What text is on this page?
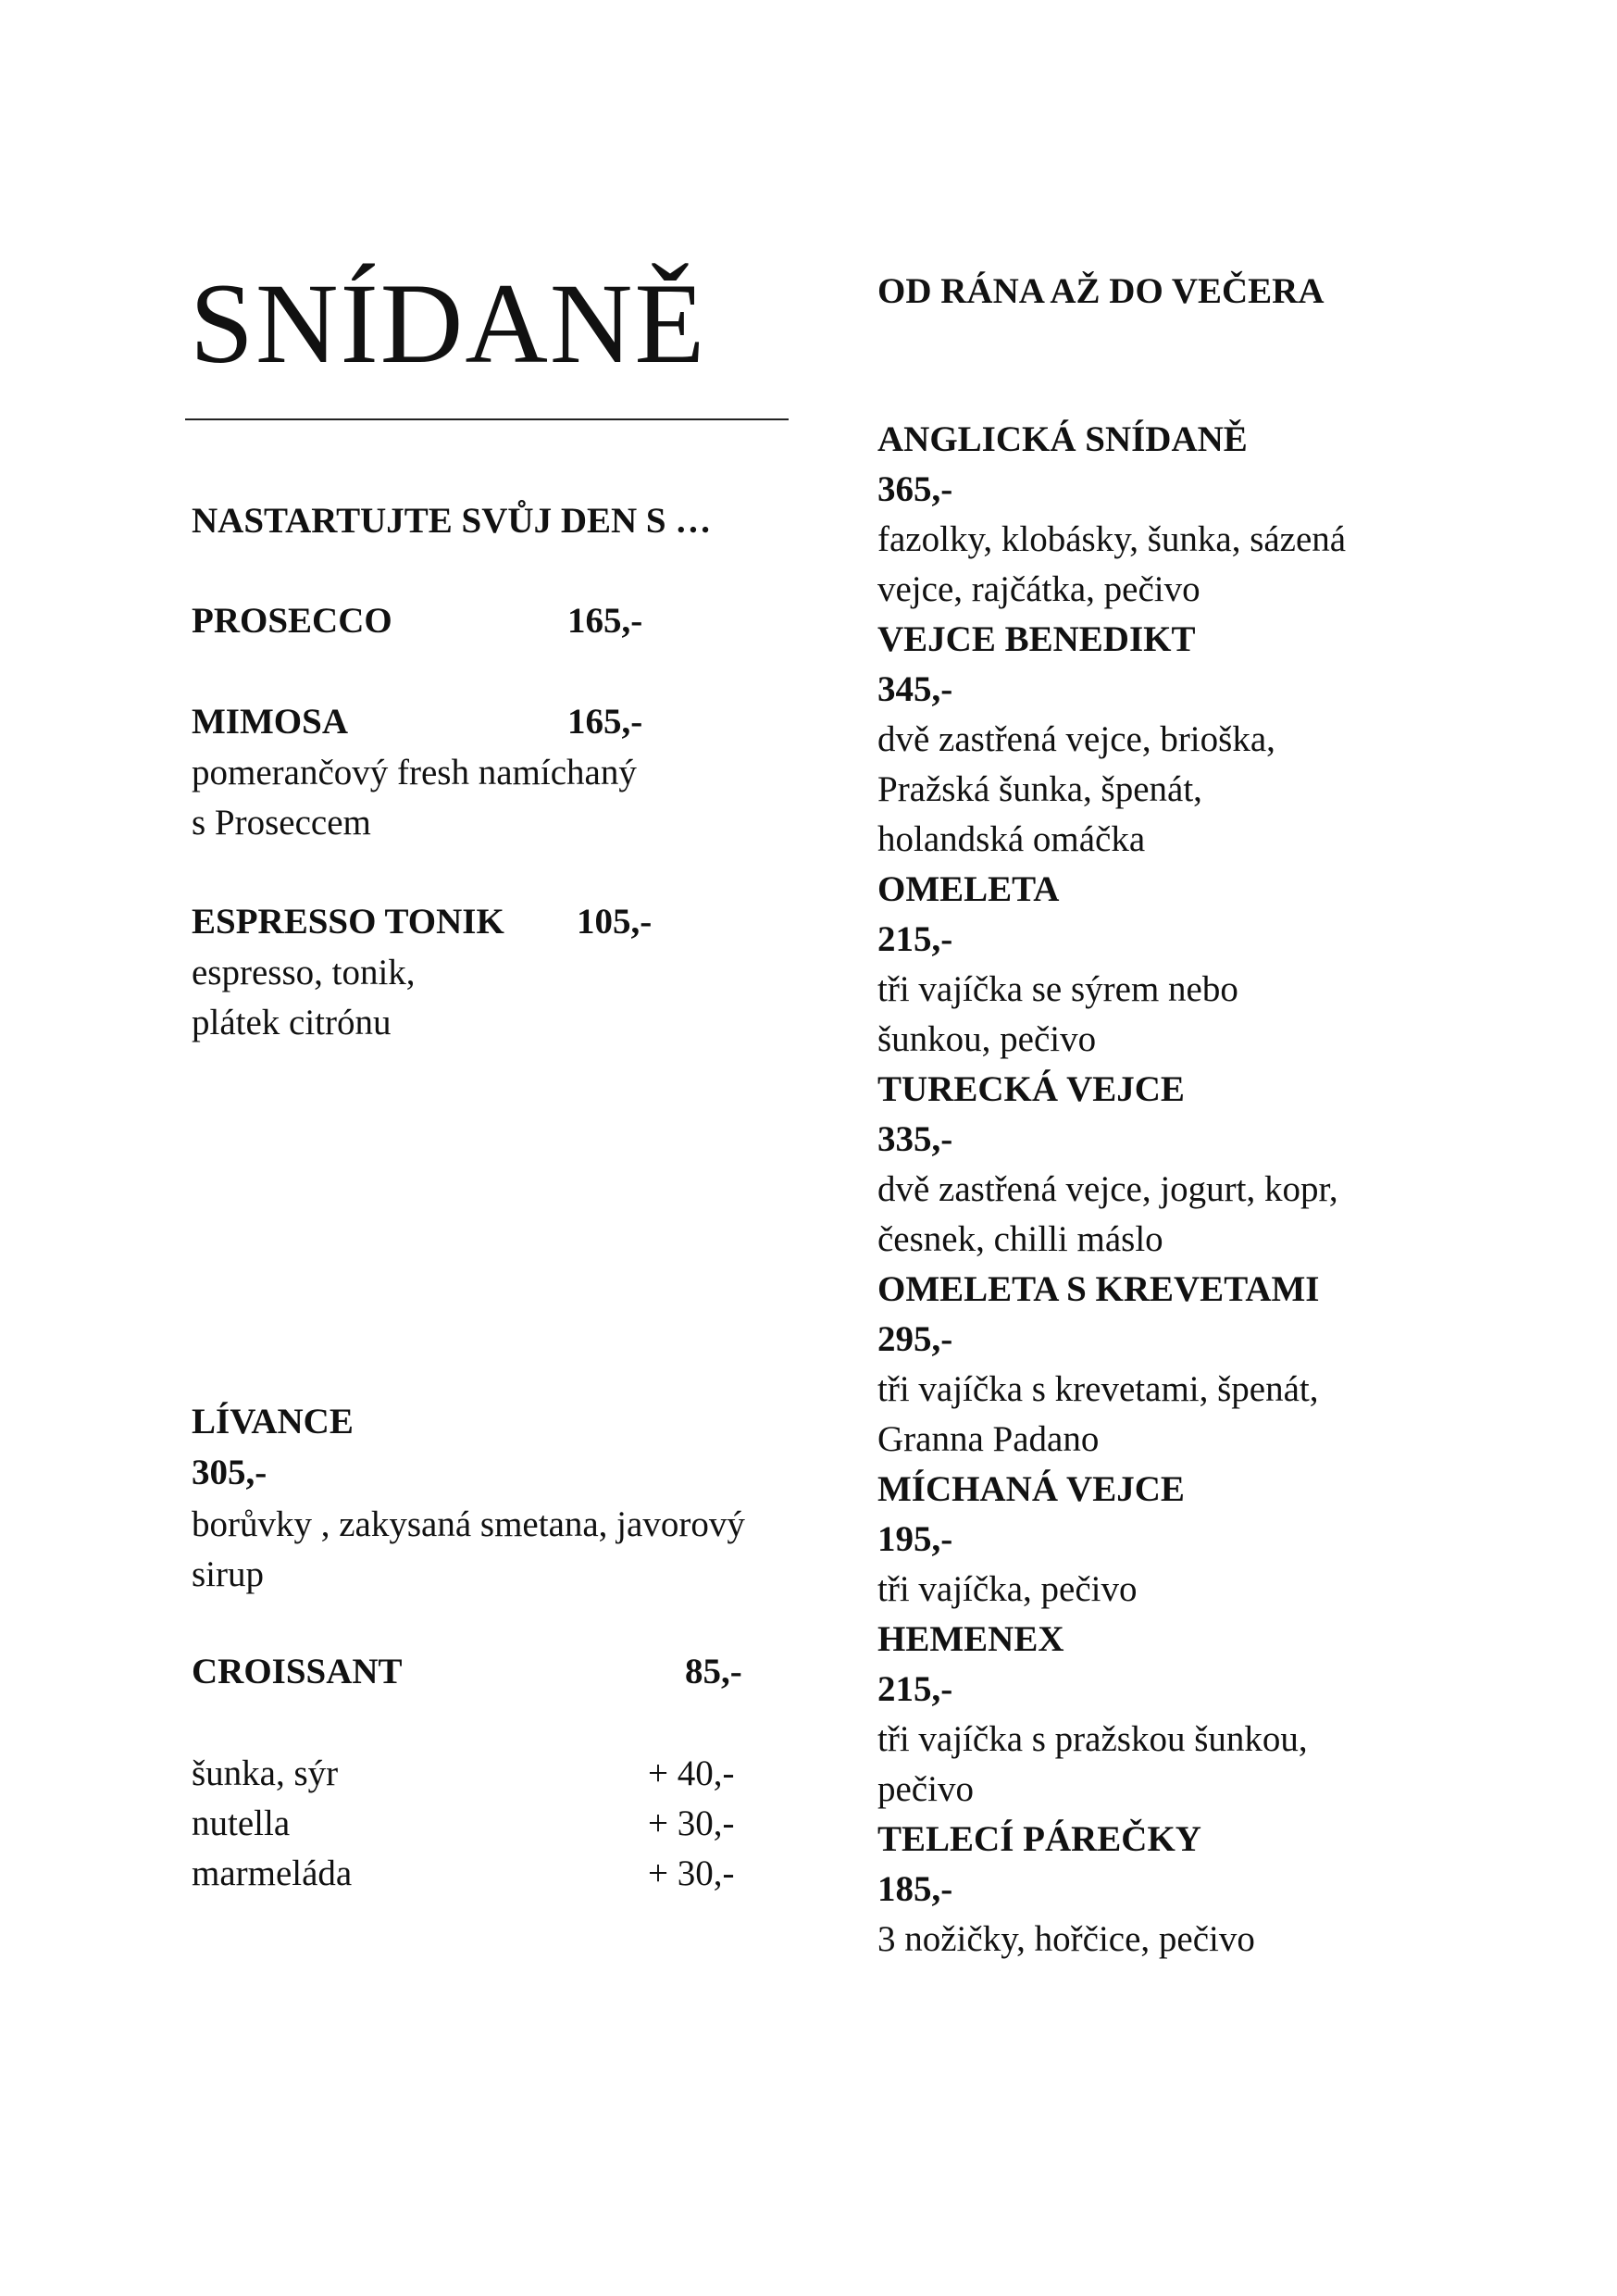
SNÍDANĚ
NASTARTUJTE SVŮJ DEN S …
PROSECCO	165,-
MIMOSA	165,-
pomerančový fresh namíchaný
s Proseccem
ESPRESSO TONIK 105,-
espresso, tonik,
plátek citrónu
LÍVANCE
305,-
borůvky , zakysaná smetana, javorový
sirup
CROISSANT	85,-
šunka, sýr	+ 40,-
nutella	+ 30,-
marmeláda	+ 30,-
OD RÁNA AŽ DO VEČERA
ANGLICKÁ SNÍDANĚ
365,-
fazolky, klobásky, šunka, sázená
vejce, rajčátka, pečivo
VEJCE BENEDIKT
345,-
dvě zastřená vejce, brioška,
Pražská šunka, špenát,
holandská omáčka
OMELETA
215,-
tři vajíčka se sýrem nebo
šunkou, pečivo
TURECKÁ VEJCE
335,-
dvě zastřená vejce, jogurt, kopr,
česnek, chilli máslo
OMELETA S KREVETAMI
295,-
tři vajíčka s krevetami, špenát,
Granna Padano
MÍCHANÁ VEJCE
195,-
tři vajíčka, pečivo
HEMENEX
215,-
tři vajíčka s pražskou šunkou,
pečivo
TELECÍ PÁREČKY
185,-
3 nožičky, hořčice, pečivo
